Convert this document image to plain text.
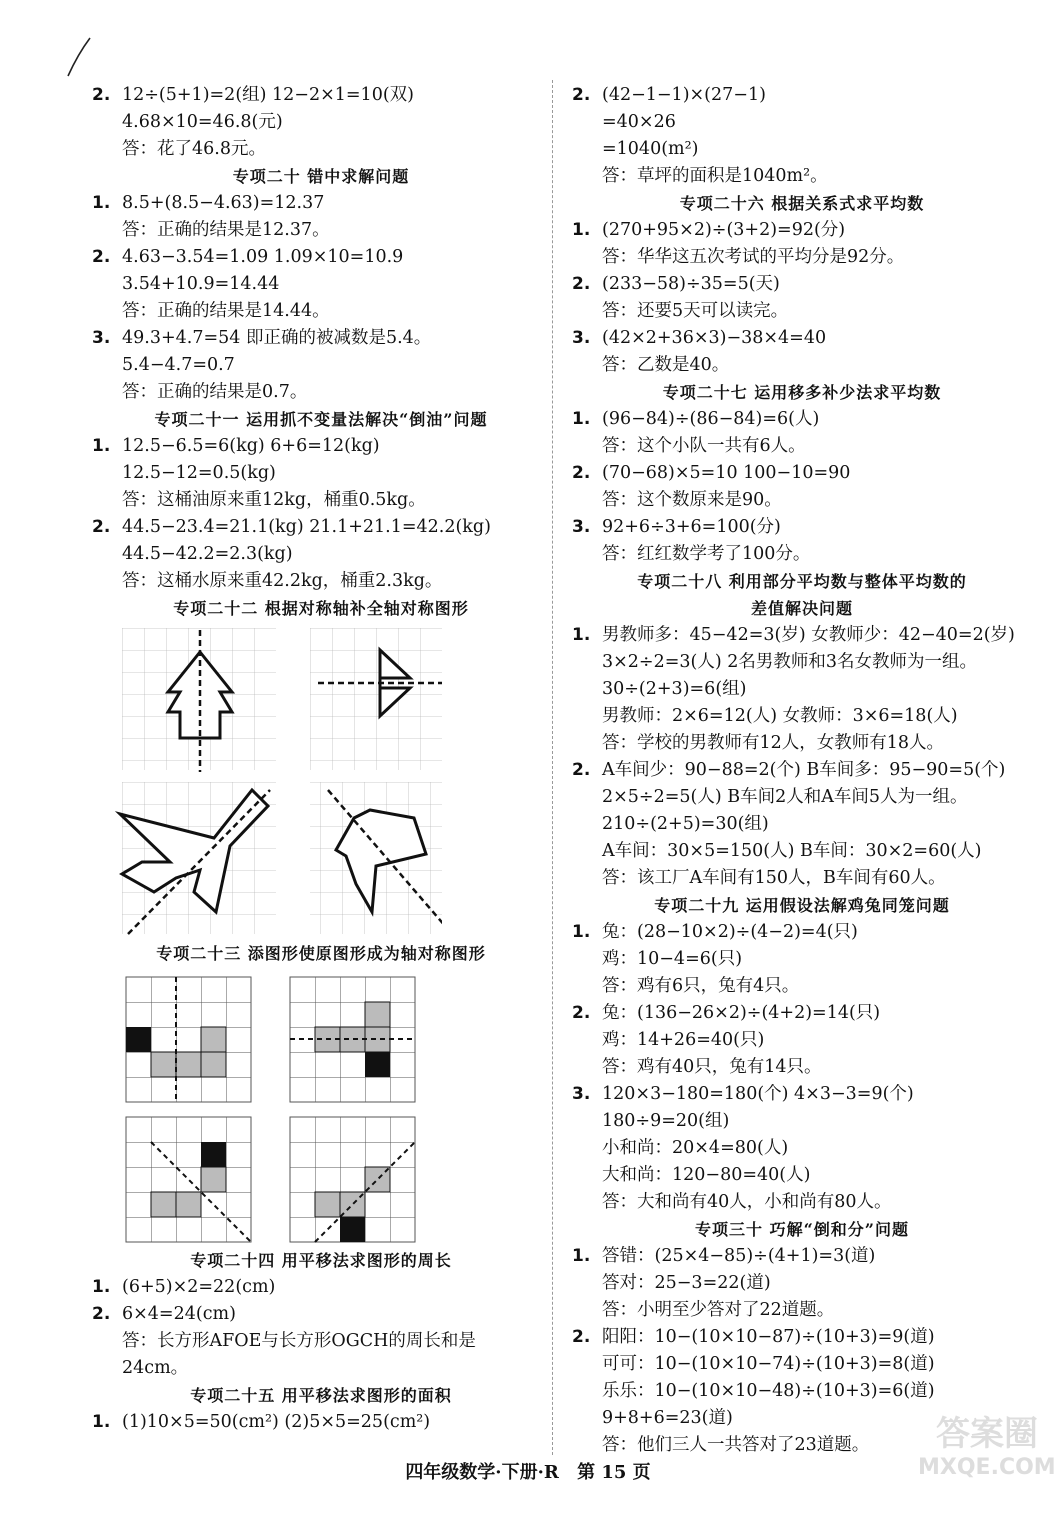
2. 12÷(5+1)=2(组) 12−2×1=10(双)
4.68×10=46.8(元)
答：花了46.8元。
专项二十 错中求解问题
1. 8.5+(8.5−4.63)=12.37
答：正确的结果是12.37。
2. 4.63−3.54=1.09 1.09×10=10.9
3.54+10.9=14.44
答：正确的结果是14.44。
3. 49.3+4.7=54 即正确的被减数是5.4。
5.4−4.7=0.7
答：正确的结果是0.7。
专项二十一 运用抓不变量法解决“倒油”问题
1. 12.5−6.5=6(kg) 6+6=12(kg)
12.5−12=0.5(kg)
答：这桶油原来重12kg，桶重0.5kg。
2. 44.5−23.4=21.1(kg) 21.1+21.1=42.2(kg)
44.5−42.2=2.3(kg)
答：这桶水原来重42.2kg，桶重2.3kg。
专项二十二 根据对称轴补全轴对称图形
专项二十三 添图形使原图形成为轴对称图形
专项二十四 用平移法求图形的周长
1. (6+5)×2=22(cm)
2. 6×4=24(cm)
答：长方形AFOE与长方形OGCH的周长和是
24cm。
专项二十五 用平移法求图形的面积
1. (1)10×5=50(cm²) (2)5×5=25(cm²)
2. (42−1−1)×(27−1)
=40×26
=1040(m²)
答：草坪的面积是1040m²。
专项二十六 根据关系式求平均数
1. (270+95×2)÷(3+2)=92(分)
答：华华这五次考试的平均分是92分。
2. (233−58)÷35=5(天)
答：还要5天可以读完。
3. (42×2+36×3)−38×4=40
答：乙数是40。
专项二十七 运用移多补少法求平均数
1. (96−84)÷(86−84)=6(人)
答：这个小队一共有6人。
2. (70−68)×5=10 100−10=90
答：这个数原来是90。
3. 92+6÷3+6=100(分)
答：红红数学考了100分。
专项二十八 利用部分平均数与整体平均数的
差值解决问题
1. 男教师多：45−42=3(岁) 女教师少：42−40=2(岁)
3×2÷2=3(人) 2名男教师和3名女教师为一组。
30÷(2+3)=6(组)
男教师：2×6=12(人) 女教师：3×6=18(人)
答：学校的男教师有12人，女教师有18人。
2. A车间少：90−88=2(个) B车间多：95−90=5(个)
2×5÷2=5(人) B车间2人和A车间5人为一组。
210÷(2+5)=30(组)
A车间：30×5=150(人) B车间：30×2=60(人)
答：该工厂A车间有150人，B车间有60人。
专项二十九 运用假设法解鸡兔同笼问题
1. 兔：(28−10×2)÷(4−2)=4(只)
鸡：10−4=6(只)
答：鸡有6只，兔有4只。
2. 兔：(136−26×2)÷(4+2)=14(只)
鸡：14+26=40(只)
答：鸡有40只，兔有14只。
3. 120×3−180=180(个) 4×3−3=9(个)
180÷9=20(组)
小和尚：20×4=80(人)
大和尚：120−80=40(人)
答：大和尚有40人，小和尚有80人。
专项三十 巧解“倒和分”问题
1. 答错：(25×4−85)÷(4+1)=3(道)
答对：25−3=22(道)
答：小明至少答对了22道题。
2. 阳阳：10−(10×10−87)÷(10+3)=9(道)
可可：10−(10×10−74)÷(10+3)=8(道)
乐乐：10−(10×10−48)÷(10+3)=6(道)
9+8+6=23(道)
答：他们三人一共答对了23道题。
四年级数学·下册·R 第 15 页
答案圈
MXQE.COM
